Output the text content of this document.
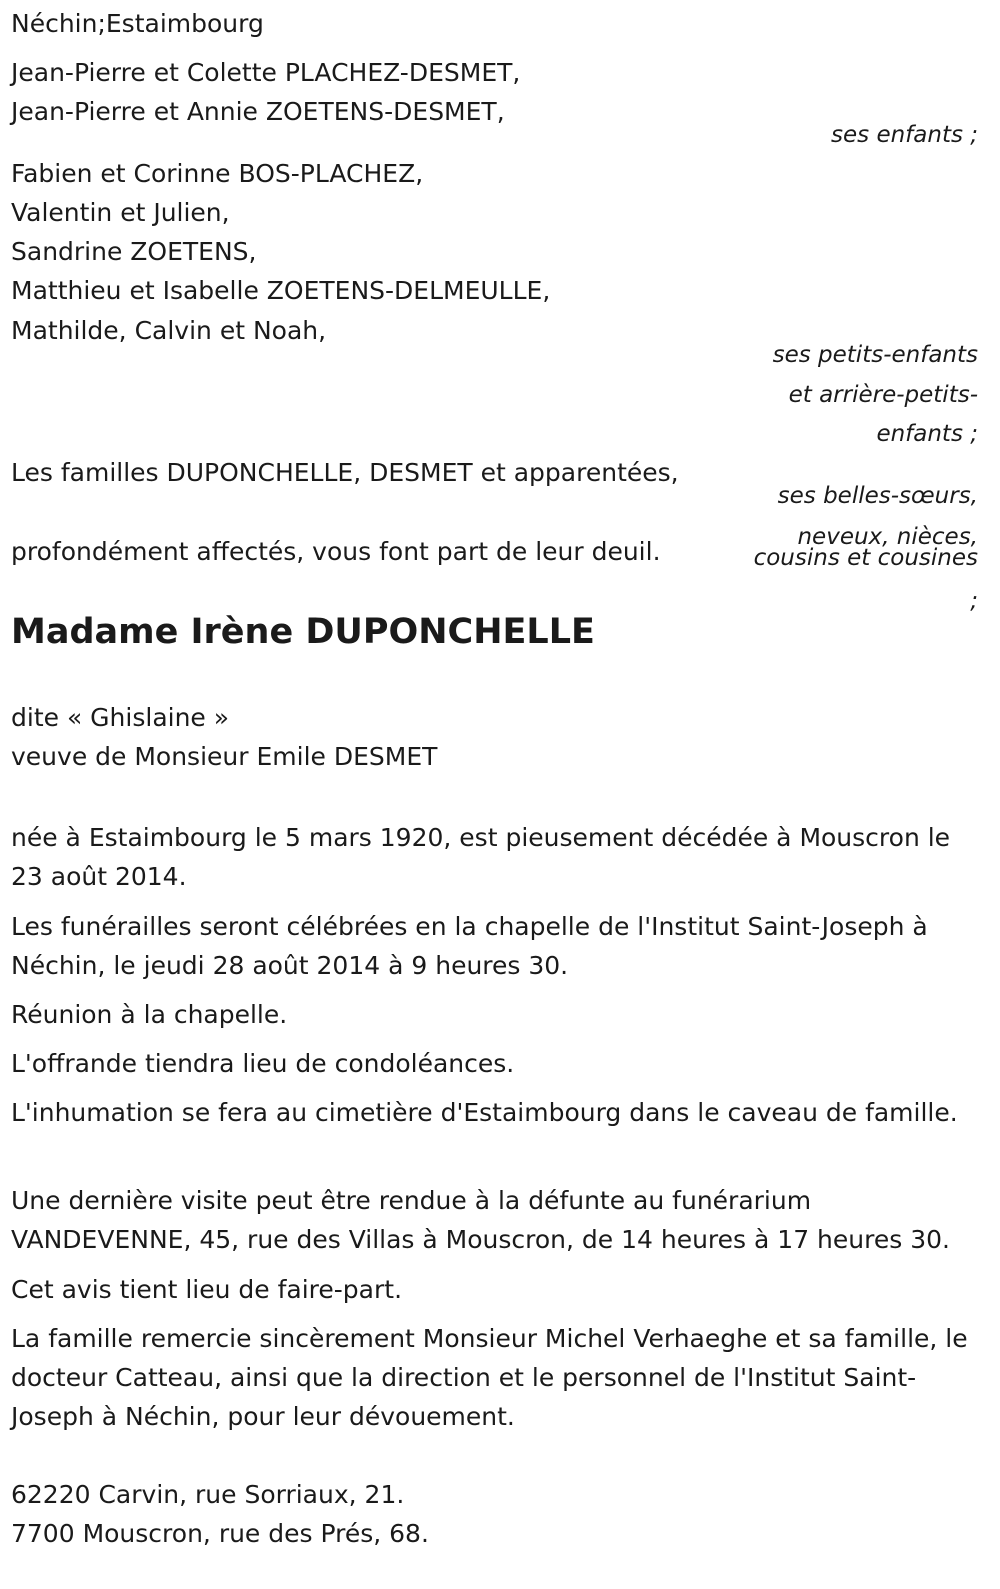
Néchin;Estaimbourg
Jean-Pierre et Colette PLACHEZ-DESMET,
Jean-Pierre et Annie ZOETENS-DESMET,
ses enfants ;
Fabien et Corinne BOS-PLACHEZ,
Valentin et Julien,
Sandrine ZOETENS,
Matthieu et Isabelle ZOETENS-DELMEULLE,
Mathilde, Calvin et Noah,
ses petits-enfants
et arrière-petits-
enfants ;
Les familles DUPONCHELLE, DESMET et apparentées,
ses belles-sœurs,
neveux, nièces,
cousins et cousines
;
profondément affectés, vous font part de leur deuil.
Madame Irène DUPONCHELLE
dite « Ghislaine »
veuve de Monsieur Emile DESMET
née à Estaimbourg le 5 mars 1920, est pieusement décédée à Mouscron le 23 août 2014.
Les funérailles seront célébrées en la chapelle de l'Institut Saint-Joseph à Néchin, le jeudi 28 août 2014 à 9 heures 30.
Réunion à la chapelle.
L'offrande tiendra lieu de condoléances.
L'inhumation se fera au cimetière d'Estaimbourg dans le caveau de famille.
Une dernière visite peut être rendue à la défunte au funérarium VANDEVENNE, 45, rue des Villas à Mouscron, de 14 heures à 17 heures 30.
Cet avis tient lieu de faire-part.
La famille remercie sincèrement Monsieur Michel Verhaeghe et sa famille, le docteur Catteau, ainsi que la direction et le personnel de l'Institut Saint-Joseph à Néchin, pour leur dévouement.
62220 Carvin, rue Sorriaux, 21.
7700 Mouscron, rue des Prés, 68.
